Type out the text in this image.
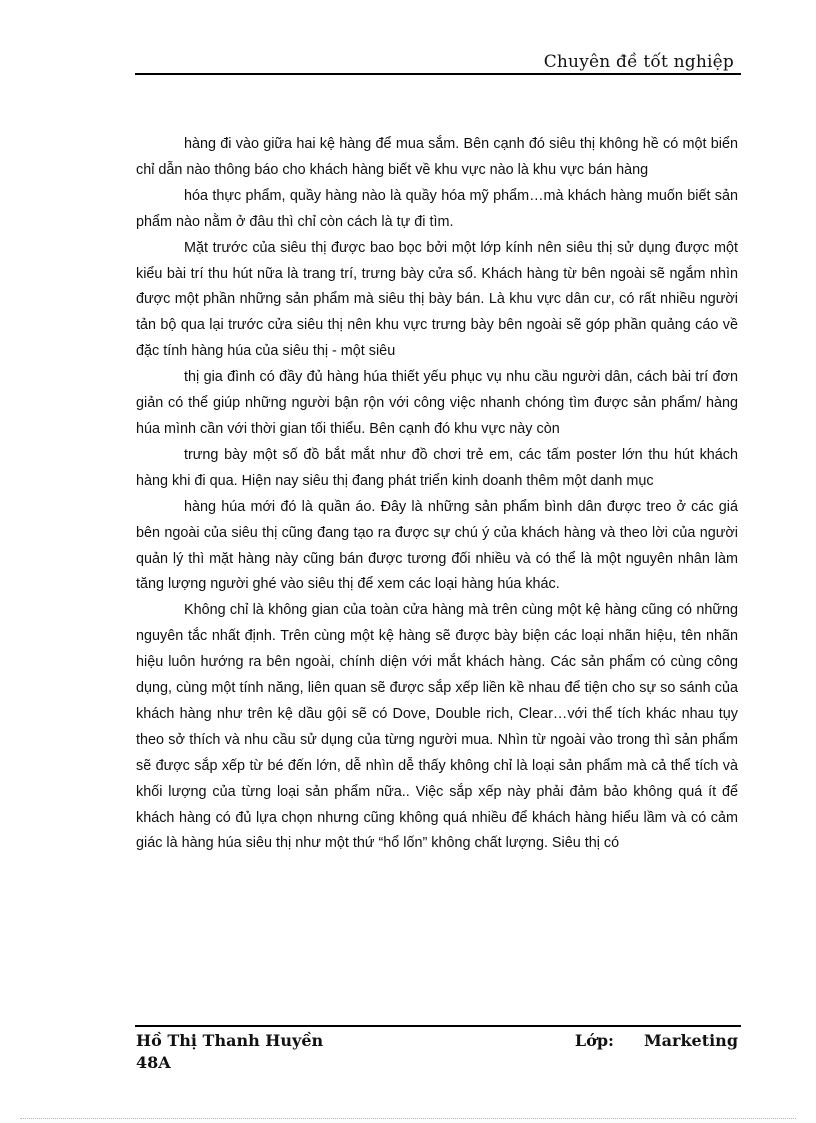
Chuyên đề tốt nghiệp

hàng đi vào giữa hai kệ hàng để mua sắm. Bên cạnh đó siêu thị không hề có một biển chỉ dẫn nào thông báo cho khách hàng biết về khu vực nào là khu vực bán hàng

hóa thực phẩm, quầy hàng nào là quầy hóa mỹ phẩm…mà khách hàng muốn biết sản phẩm nào nằm ở đâu thì chỉ còn cách là tự đi tìm.

Mặt trước của siêu thị được bao bọc bởi một lớp kính nên siêu thị sử dụng được một kiểu bài trí thu hút nữa là trang trí, trưng bày cửa sổ. Khách hàng từ bên ngoài sẽ ngắm nhìn được một phần những sản phẩm mà siêu thị bày bán. Là khu vực dân cư, có rất nhiều người tản bộ qua lại trước cửa siêu thị nên khu vực trưng bày bên ngoài sẽ góp phần quảng cáo về đặc tính hàng húa của siêu thị - một siêu

thị gia đình có đầy đủ hàng húa thiết yếu phục vụ nhu cầu người dân, cách bài trí đơn giản có thể giúp những người bận rộn với công việc nhanh chóng tìm được sản phẩm/ hàng húa mình cần với thời gian tối thiểu. Bên cạnh đó khu vực này còn

trưng bày một số đồ bắt mắt như đồ chơi trẻ em, các tấm poster lớn thu hút khách hàng khi đi qua. Hiện nay siêu thị đang phát triển kinh doanh thêm một danh mục

hàng húa mới đó là quần áo. Đây là những sản phẩm bình dân được treo ở các giá bên ngoài của siêu thị cũng đang tạo ra được sự chú ý của khách hàng và theo lời của người quản lý thì mặt hàng này cũng bán được tương đối nhiều và có thể là một nguyên nhân làm tăng lượng người ghé vào siêu thị để xem các loại hàng húa khác.

Không chỉ là không gian của toàn cửa hàng mà trên cùng một kệ hàng cũng có những nguyên tắc nhất định. Trên cùng một kệ hàng sẽ được bày biện các loại nhãn hiệu, tên nhãn hiệu luôn hướng ra bên ngoài, chính diện với mắt khách hàng. Các sản phẩm có cùng công dụng, cùng một tính năng, liên quan sẽ được sắp xếp liền kề nhau để tiện cho sự so sánh của khách hàng như trên kệ dầu gội sẽ có Dove, Double rich, Clear…với thể tích khác nhau tụy theo sở thích và nhu cầu sử dụng của từng người mua. Nhìn từ ngoài vào trong thì sản phẩm sẽ được sắp xếp từ bé đến lớn, dễ nhìn dễ thấy không chỉ là loại sản phẩm mà cả thể tích và khối lượng của từng loại sản phẩm nữa.. Việc sắp xếp này phải đảm bảo không quá ít để khách hàng có đủ lựa chọn nhưng cũng không quá nhiều để khách hàng hiểu lầm và có cảm giác là hàng húa siêu thị như một thứ “hổ lốn” không chất lượng. Siêu thị có

Hồ Thị Thanh Huyền	Lớp: Marketing
48A
